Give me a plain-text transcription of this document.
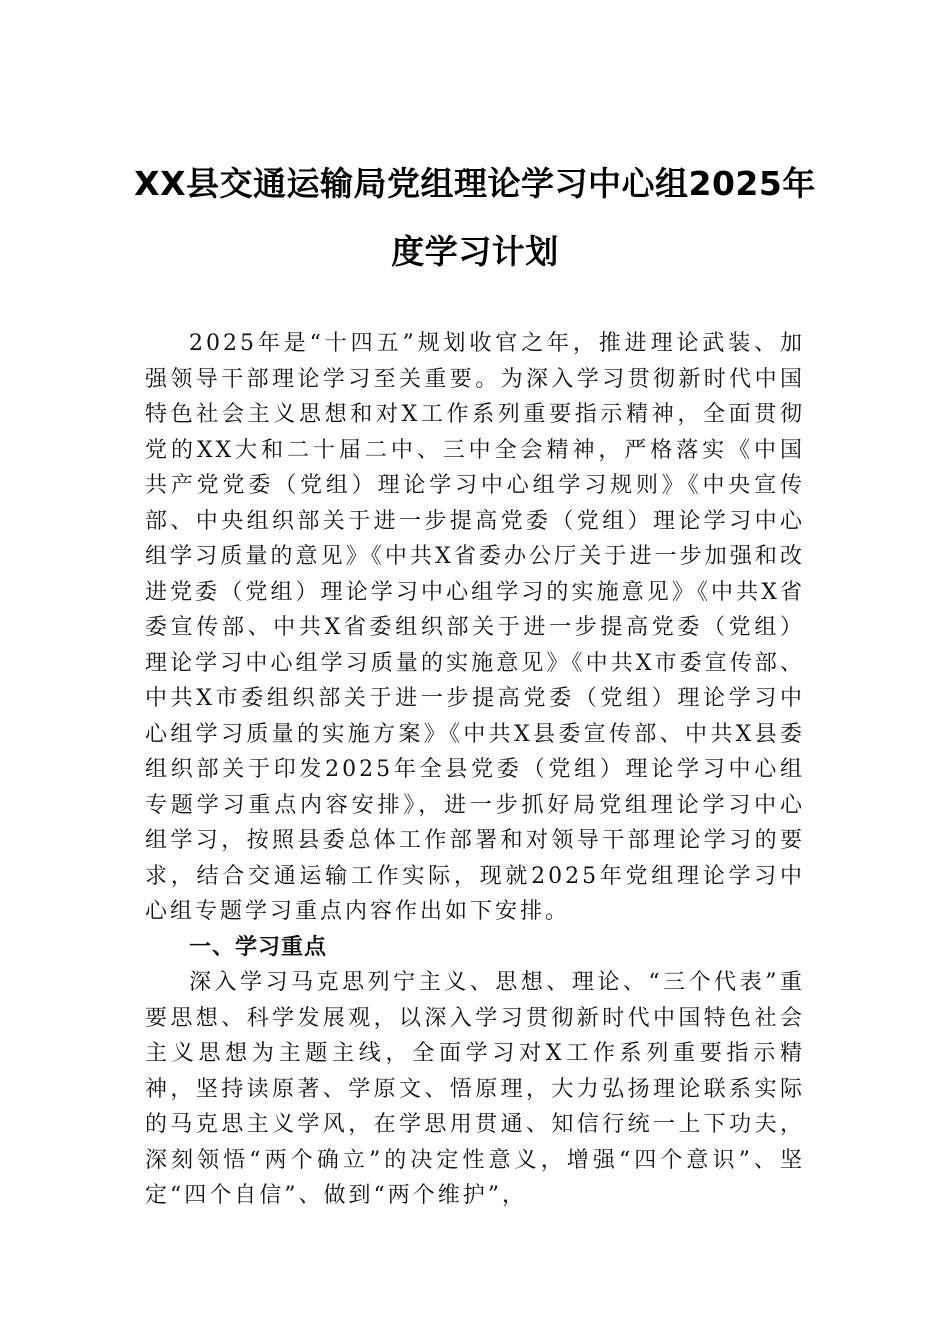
XX县交通运输局党组理论学习中心组2025年度学习计划

2025年是“十四五”规划收官之年，推进理论武装、加强领导干部理论学习至关重要。为深入学习贯彻新时代中国特色社会主义思想和对X工作系列重要指示精神，全面贯彻党的XX大和二十届二中、三中全会精神，严格落实《中国共产党党委（党组）理论学习中心组学习规则》《中央宣传部、中央组织部关于进一步提高党委（党组）理论学习中心组学习质量的意见》《中共X省委办公厅关于进一步加强和改进党委（党组）理论学习中心组学习的实施意见》《中共X省委宣传部、中共X省委组织部关于进一步提高党委（党组）理论学习中心组学习质量的实施意见》《中共X市委宣传部、中共X市委组织部关于进一步提高党委（党组）理论学习中心组学习质量的实施方案》《中共X县委宣传部、中共X县委组织部关于印发2025年全县党委（党组）理论学习中心组专题学习重点内容安排》，进一步抓好局党组理论学习中心组学习，按照县委总体工作部署和对领导干部理论学习的要求，结合交通运输工作实际，现就2025年党组理论学习中心组专题学习重点内容作出如下安排。

一、学习重点

深入学习马克思列宁主义、思想、理论、“三个代表”重要思想、科学发展观，以深入学习贯彻新时代中国特色社会主义思想为主题主线，全面学习对X工作系列重要指示精神，坚持读原著、学原文、悟原理，大力弘扬理论联系实际的马克思主义学风，在学思用贯通、知信行统一上下功夫，深刻领悟“两个确立”的决定性意义，增强“四个意识”、坚定“四个自信”、做到“两个维护”，
